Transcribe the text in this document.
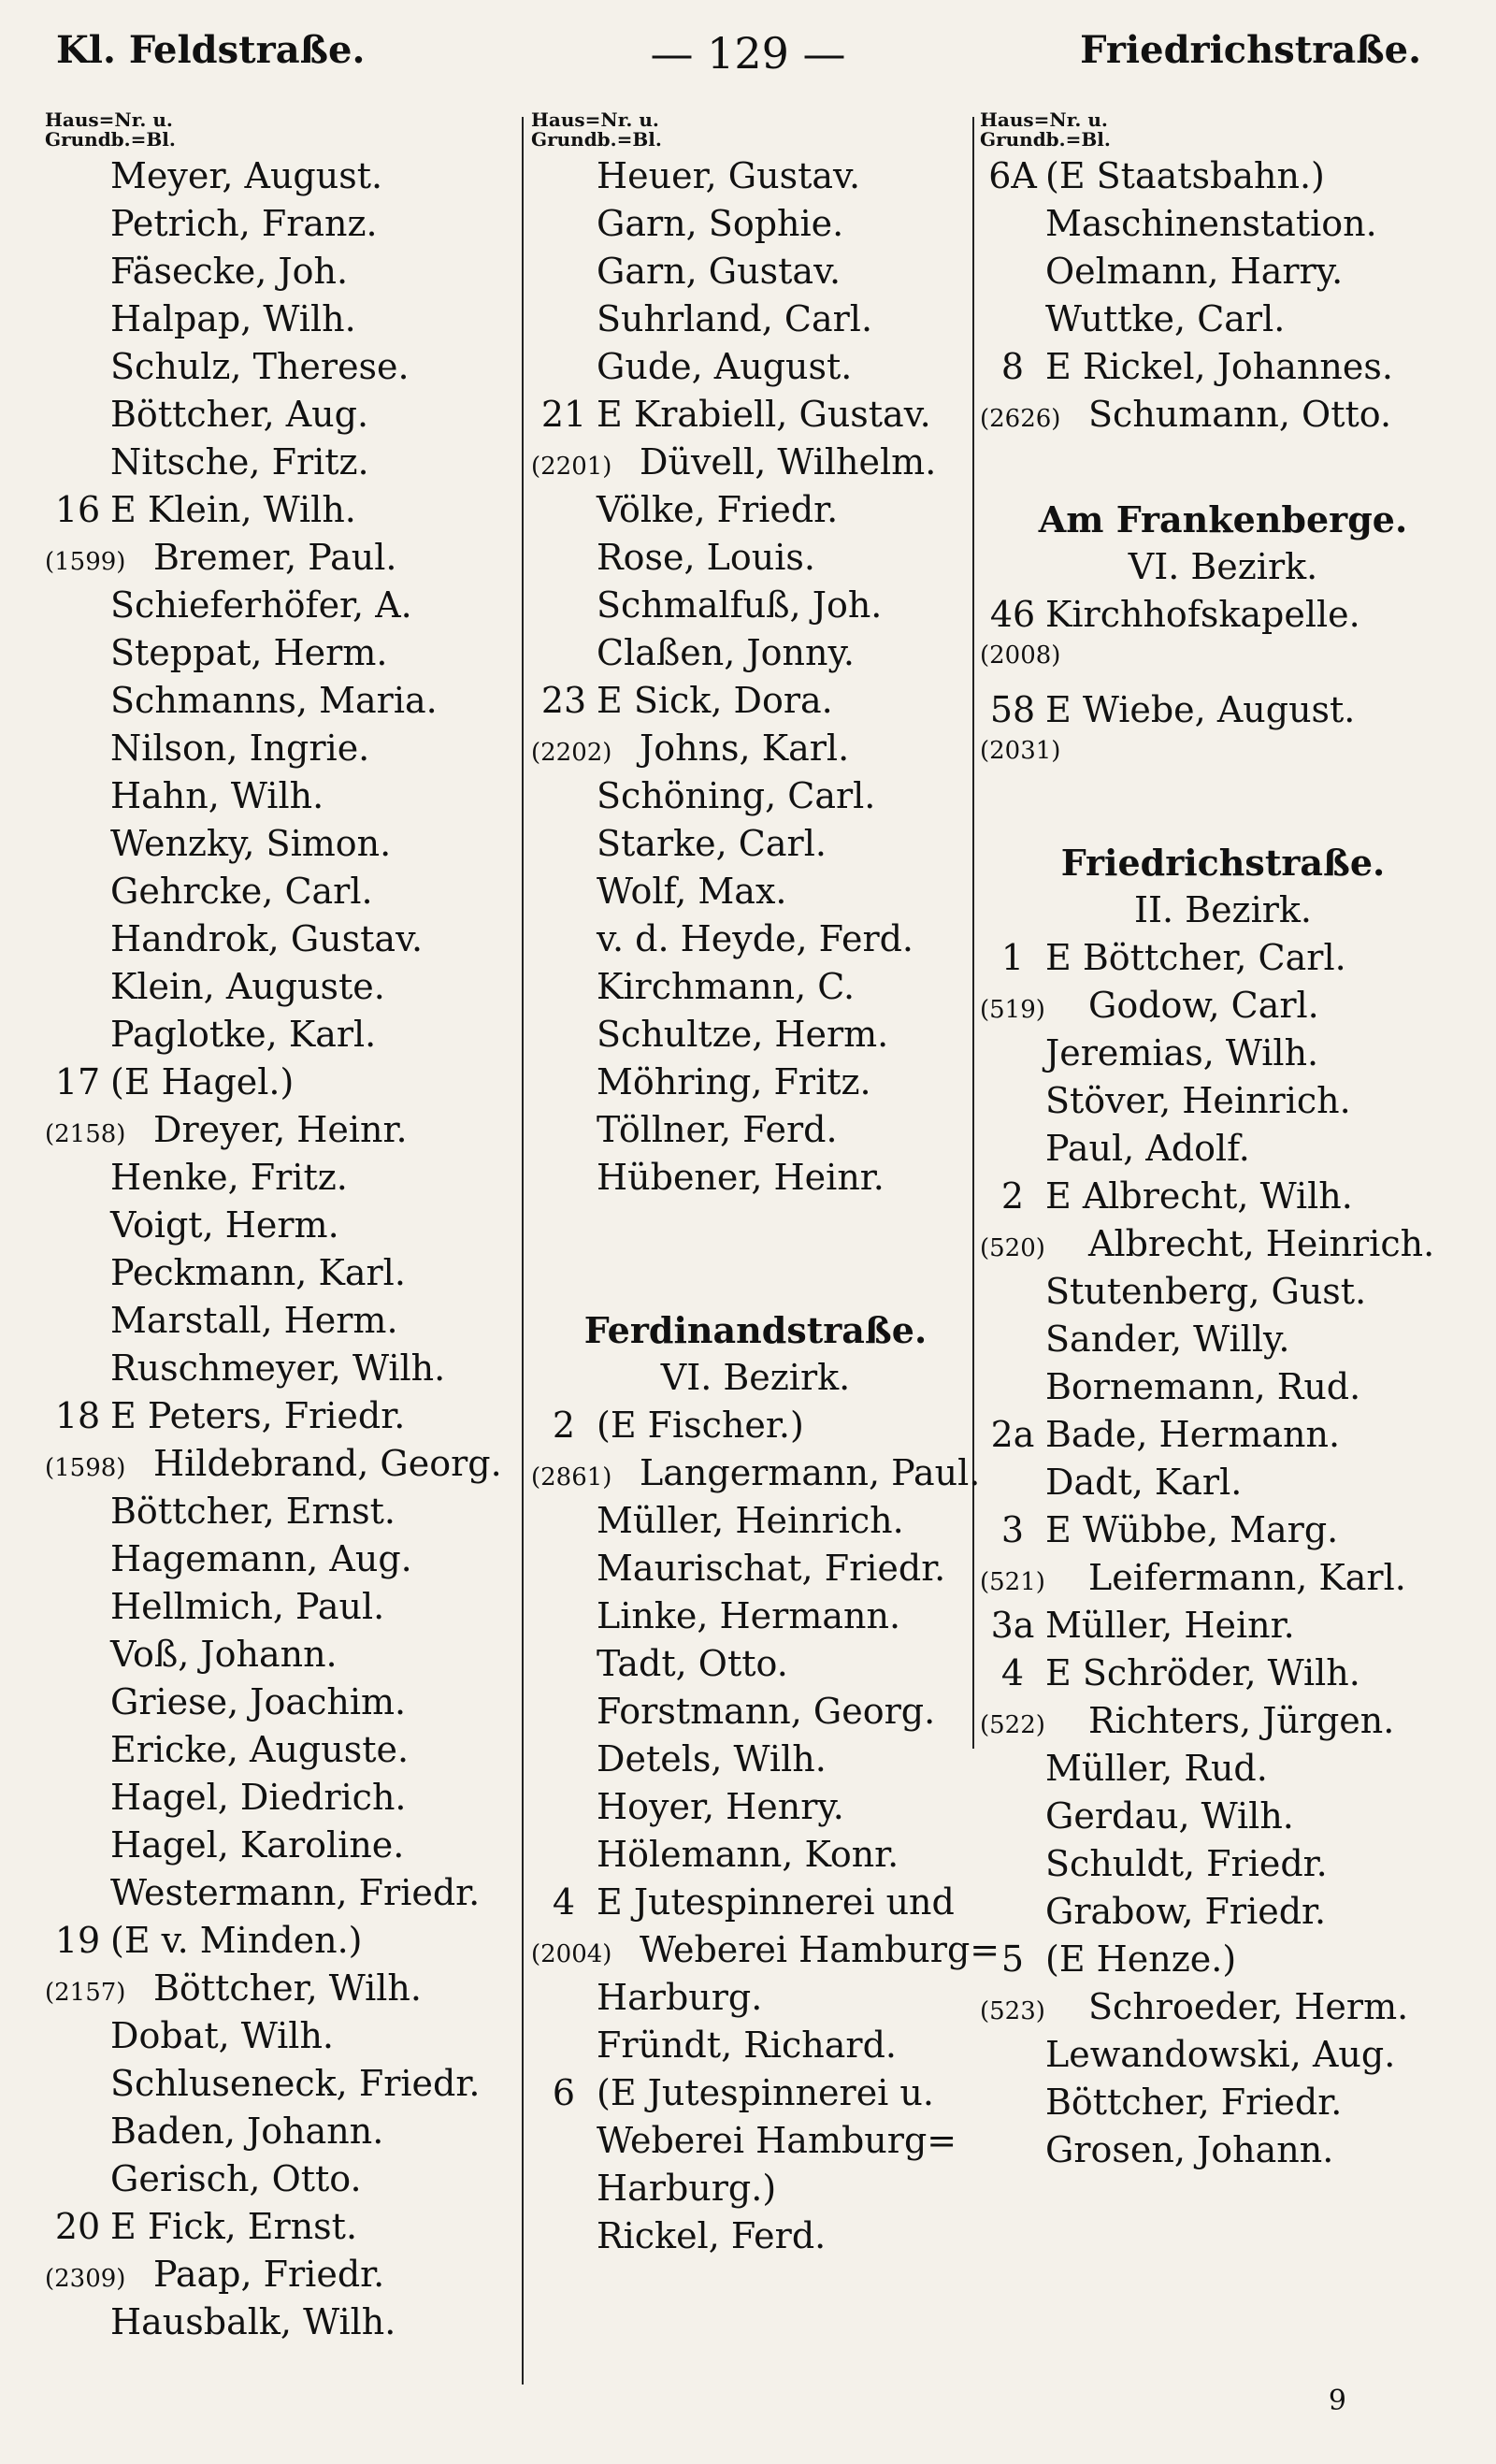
Kl. Feldstraße.	— 129 —	Friedrichstraße.
Haus=Nr. u.
Grundb.=Bl.
Meyer, August.
Petrich, Franz.
Fäsecke, Joh.
Halpap, Wilh.
Schulz, Therese.
Böttcher, Aug.
Nitsche, Fritz.
16 E Klein, Wilh.
(1599) Bremer, Paul.
Schieferhöfer, A.
Steppat, Herm.
Schmanns, Maria.
Nilson, Ingrie.
Hahn, Wilh.
Wenzky, Simon.
Gehrcke, Carl.
Handrok, Gustav.
Klein, Auguste.
Paglotke, Karl.
17 (E Hagel.)
(2158) Dreyer, Heinr.
Henke, Fritz.
Voigt, Herm.
Peckmann, Karl.
Marstall, Herm.
Ruschmeyer, Wilh.
18 E Peters, Friedr.
(1598) Hildebrand, Georg.
Böttcher, Ernst.
Hagemann, Aug.
Hellmich, Paul.
Voß, Johann.
Griese, Joachim.
Ericke, Auguste.
Hagel, Diedrich.
Hagel, Karoline.
Westermann, Friedr.
19 (E v. Minden.)
(2157) Böttcher, Wilh.
Dobat, Wilh.
Schluseneck, Friedr.
Baden, Johann.
Gerisch, Otto.
20 E Fick, Ernst.
(2309) Paap, Friedr.
Hausbalk, Wilh.
Haus=Nr. u.
Grundb.=Bl.
Heuer, Gustav.
Garn, Sophie.
Garn, Gustav.
Suhrland, Carl.
Gude, August.
21 E Krabiell, Gustav.
(2201) Düvell, Wilhelm.
Völke, Friedr.
Rose, Louis.
Schmalfuß, Joh.
Claßen, Jonny.
23 E Sick, Dora.
(2202) Johns, Karl.
Schöning, Carl.
Starke, Carl.
Wolf, Max.
v. d. Heyde, Ferd.
Kirchmann, C.
Schultze, Herm.
Möhring, Fritz.
Töllner, Ferd.
Hübener, Heinr.
Ferdinandstraße.
VI. Bezirk.
2 (E Fischer.)
(2861) Langermann, Paul.
Müller, Heinrich.
Maurischat, Friedr.
Linke, Hermann.
Tadt, Otto.
Forstmann, Georg.
Detels, Wilh.
Hoyer, Henry.
Hölemann, Konr.
4 E Jutespinnerei und
(2004) Weberei Hamburg=
Harburg.
Fründt, Richard.
6 (E Jutespinnerei u.
Weberei Hamburg=
Harburg.)
Rickel, Ferd.
Haus=Nr. u.
Grundb.=Bl.
6A (E Staatsbahn.)
Maschinenstation.
Oelmann, Harry.
Wuttke, Carl.
8 E Rickel, Johannes.
(2626) Schumann, Otto.
Am Frankenberge.
VI. Bezirk.
46 Kirchhofskapelle.
(2008)
58 E Wiebe, August.
(2031)
Friedrichstraße.
II. Bezirk.
1 E Böttcher, Carl.
(519)	Godow, Carl.
Jeremias, Wilh.
Stöver, Heinrich.
Paul, Adolf.
2 E Albrecht, Wilh.
(520)	Albrecht, Heinrich.
Stutenberg, Gust.
Sander, Willy.
Bornemann, Rud.
2a Bade, Hermann.
Dadt, Karl.
3 E Wübbe, Marg.
(521)	Leifermann, Karl.
3a Müller, Heinr.
4 E Schröder, Wilh.
(522)	Richters, Jürgen.
Müller, Rud.
Gerdau, Wilh.
Schuldt, Friedr.
Grabow, Friedr.
5 (E Henze.)
(523)	Schroeder, Herm.
Lewandowski, Aug.
Böttcher, Friedr.
Grosen, Johann.
9
